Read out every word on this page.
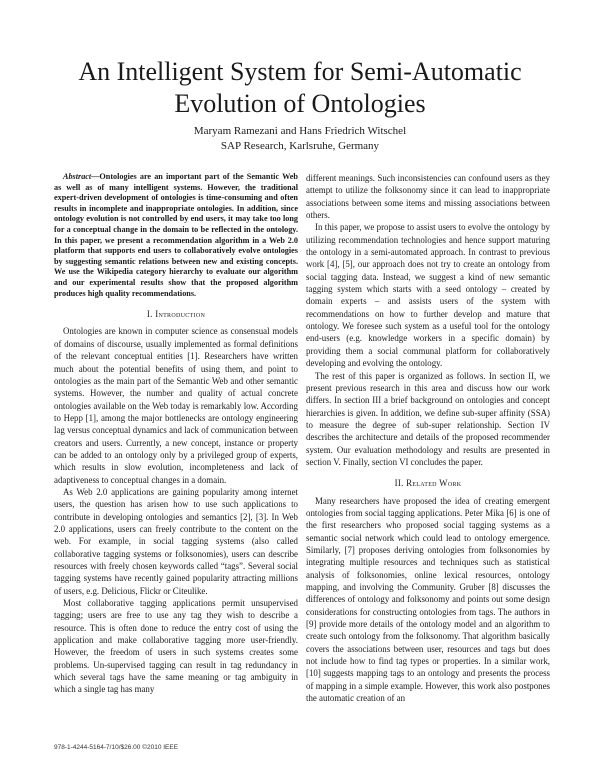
An Intelligent System for Semi-Automatic
Evolution of Ontologies
Maryam Ramezani and Hans Friedrich Witschel
SAP Research, Karlsruhe, Germany

Abstract—Ontologies are an important part of the Semantic Web as well as of many intelligent systems. However, the traditional expert-driven development of ontologies is time-consuming and often results in incomplete and inappropriate ontologies. In addition, since ontology evolution is not controlled by end users, it may take too long for a conceptual change in the domain to be reflected in the ontology. In this paper, we present a recommendation algorithm in a Web 2.0 platform that supports end users to collaboratively evolve ontologies by suggesting semantic relations between new and existing concepts. We use the Wikipedia category hierarchy to evaluate our algorithm and our experimental results show that the proposed algorithm produces high quality recommendations.

I. Introduction

Ontologies are known in computer science as consensual models of domains of discourse, usually implemented as formal definitions of the relevant conceptual entities [1]. Researchers have written much about the potential benefits of using them, and point to ontologies as the main part of the Semantic Web and other semantic systems. However, the number and quality of actual concrete ontologies available on the Web today is remarkably low. According to Hepp [1], among the major bottlenecks are ontology engineering lag versus conceptual dynamics and lack of communication between creators and users. Currently, a new concept, instance or property can be added to an ontology only by a privileged group of experts, which results in slow evolution, incompleteness and lack of adaptiveness to conceptual changes in a domain.

As Web 2.0 applications are gaining popularity among internet users, the question has arisen how to use such applications to contribute in developing ontologies and semantics [2], [3]. In Web 2.0 applications, users can freely contribute to the content on the web. For example, in social tagging systems (also called collaborative tagging systems or folksonomies), users can describe resources with freely chosen keywords called “tags”. Several social tagging systems have recently gained popularity attracting millions of users, e.g. Delicious, Flickr or Citeulike.

Most collaborative tagging applications permit unsupervised tagging; users are free to use any tag they wish to describe a resource. This is often done to reduce the entry cost of using the application and make collaborative tagging more user-friendly. However, the freedom of users in such systems creates some problems. Un-supervised tagging can result in tag redundancy in which several tags have the same meaning or tag ambiguity in which a single tag has many

different meanings. Such inconsistencies can confound users as they attempt to utilize the folksonomy since it can lead to inappropriate associations between some items and missing associations between others.

In this paper, we propose to assist users to evolve the ontology by utilizing recommendation technologies and hence support maturing the ontology in a semi-automated approach. In contrast to previous work [4], [5], our approach does not try to create an ontology from social tagging data. Instead, we suggest a kind of new semantic tagging system which starts with a seed ontology – created by domain experts – and assists users of the system with recommendations on how to further develop and mature that ontology. We foresee such system as a useful tool for the ontology end-users (e.g. knowledge workers in a specific domain) by providing them a social communal platform for collaboratively developing and evolving the ontology.

The rest of this paper is organized as follows. In section II, we present previous research in this area and discuss how our work differs. In section III a brief background on ontologies and concept hierarchies is given. In addition, we define sub-super affinity (SSA) to measure the degree of sub-super relationship. Section IV describes the architecture and details of the proposed recommender system. Our evaluation methodology and results are presented in section V. Finally, section VI concludes the paper.

II. Related Work

Many researchers have proposed the idea of creating emergent ontologies from social tagging applications. Peter Mika [6] is one of the first researchers who proposed social tagging systems as a semantic social network which could lead to ontology emergence. Similarly, [7] proposes deriving ontologies from folksonomies by integrating multiple resources and techniques such as statistical analysis of folksonomies, online lexical resources, ontology mapping, and involving the Community. Gruber [8] discusses the differences of ontology and folksonomy and points out some design considerations for constructing ontologies from tags. The authors in [9] provide more details of the ontology model and an algorithm to create such ontology from the folksonomy. That algorithm basically covers the associations between user, resources and tags but does not include how to find tag types or properties. In a similar work, [10] suggests mapping tags to an ontology and presents the process of mapping in a simple example. However, this work also postpones the automatic creation of an

978-1-4244-5164-7/10/$26.00 ©2010 IEEE
